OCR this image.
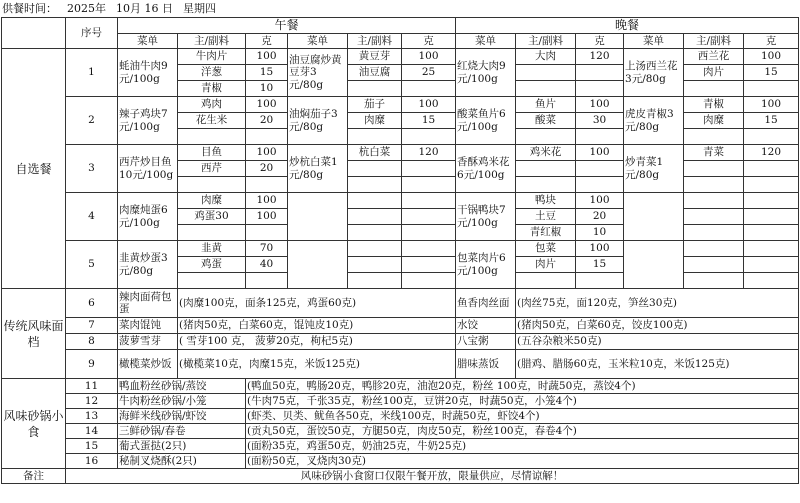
供餐时间： 2025年 10月 16 日 星期四
	序号	午餐						晚餐					
		菜单	主/副料	克	菜单	主/副料	克	菜单	主/副料	克	菜单	主/副料	克
自选餐	1	蚝油牛肉9元/100g	牛肉片	100	油豆腐炒黄豆芽3元/80g	黄豆芽	100	红烧大肉9元/100g	大肉	120	上汤西兰花3元/80g	西兰花	100
			洋葱	15		油豆腐	25					肉片	15
			青椒	10									
	2	辣子鸡块7元/100g	鸡肉	100	油焖茄子3元/80g	茄子	100	酸菜鱼片6元/100g	鱼片	100	虎皮青椒3元/80g	青椒	100
			花生米	20		肉糜	15		酸菜	30		肉糜	15

	3	西芹炒目鱼10元/100g	目鱼	100	炒杭白菜1元/80g	杭白菜	120	香酥鸡米花6元/100g	鸡米花	100	炒青菜1元/80g	青菜	120
			西芹	20									

	4	肉糜炖蛋6元/100g	肉糜	100				干锅鸭块7元/100g	鸭块	100			
			鸡蛋30	100					土豆	20			
									青红椒	10			
	5	韭黄炒蛋3元/80g	韭黄	70				包菜肉片6元/100g	包菜	100			
			鸡蛋	40					肉片	15			

传统风味面档	6	辣肉面荷包蛋	(肉糜100克，面条125克，鸡蛋60克)					鱼香肉丝面	(肉丝75克，面120克，笋丝30克)				
	7	菜肉馄饨	(猪肉50克，白菜60克，馄饨皮10克)					水饺	(猪肉50克，白菜60克，饺皮100克)				
	8	菠萝雪芽	( 雪芽100 克， 菠萝20克，枸杞5克)					八宝粥	(五谷杂粮米50克)				
	9	橄榄菜炒饭	(橄榄菜10克，肉糜15克，米饭125克)					腊味蒸饭	(腊鸡、腊肠60克，玉米粒10克，米饭125克)				
风味砂锅小食	11	鸭血粉丝砂锅/蒸饺		(鸭血50克，鸭肠20克，鸭胗20克，油泡20克，粉丝 100克，时蔬50克，蒸饺4个)									
	12	牛肉粉丝砂锅/小笼		(牛肉75克，千张35克，粉丝100克，豆饼20克，时蔬50克，小笼4个)									
	13	海鲜米线砂锅/虾饺		(虾类、贝类、鱿鱼各50克，米线100克，时蔬50克，虾饺4个)									
	14	三鲜砂锅/春卷		(贡丸50克，蛋饺50克，方腿50克，肉皮50克，粉丝100克，春卷4个)									
	15	葡式蛋挞(2只)		(面粉35克，鸡蛋50克，奶油25克，牛奶25克)									
	16	秘制叉烧酥(2只)		(面粉50克，叉烧肉30克)									
备注	风味砂锅小食窗口仅限午餐开放，限量供应，尽情谅解！												
